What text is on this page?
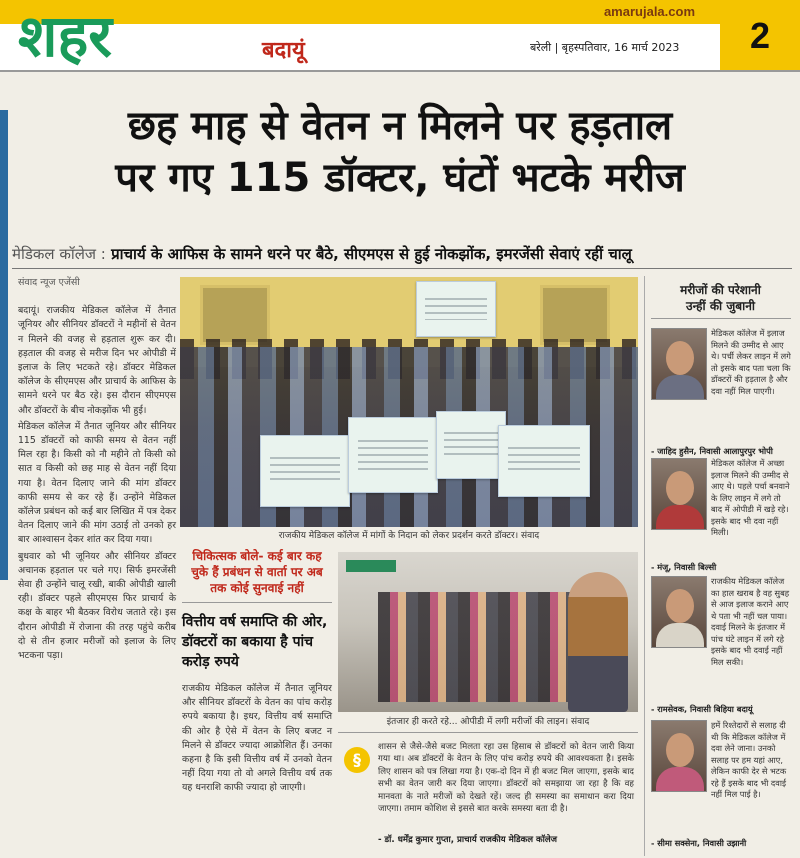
amarujala.com
शहर	बदायूं	बरेली | बृहस्पतिवार, 16 मार्च 2023	2
छह माह से वेतन न मिलने पर हड़ताल
पर गए 115 डॉक्टर, घंटों भटके मरीज
मेडिकल कॉलेज : प्राचार्य के आफिस के सामने धरने पर बैठे, सीएमएस से हुई नोकझोंक, इमरजेंसी सेवाएं रहीं चालू
संवाद न्यूज एजेंसी

बदायूं। राजकीय मेडिकल कॉलेज में तैनात जूनियर और सीनियर डॉक्टरों ने महीनों से वेतन न मिलने की वजह से हड़ताल शुरू कर दी। हड़ताल की वजह से मरीज दिन भर ओपीडी में इलाज के लिए भटकते रहे। डॉक्टर मेडिकल कॉलेज के सीएमएस और प्राचार्य के आफिस के सामने धरने पर बैठ रहे। इस दौरान सीएमएस और डॉक्टरों के बीच नोकझोंक भी हुई।

मेडिकल कॉलेज में तैनात जूनियर और सीनियर 115 डॉक्टरों को काफी समय से वेतन नहीं मिल रहा है। किसी को नौ महीने तो किसी को सात व किसी को छह माह से वेतन नहीं दिया गया है। वेतन दिलाए जाने की मांग डॉक्टर काफी समय से कर रहे हैं। उन्होंने मेडिकल कॉलेज प्रबंधन को कई बार लिखित में पत्र देकर वेतन दिलाए जाने की मांग उठाई तो उनको हर बार आश्वासन देकर शांत कर दिया गया।

बुधवार को भी जूनियर और सीनियर डॉक्टर अचानक हड़ताल पर चले गए। सिर्फ इमरजेंसी सेवा ही उन्होंने चालू रखी, बाकी ओपीडी खाली रही। डॉक्टर पहले सीएमएस फिर प्राचार्य के कक्ष के बाहर भी बैठकर विरोध जताते रहे। इस दौरान ओपीडी में रोजाना की तरह पहुंचे करीब दो से तीन हजार मरीजों को इलाज के लिए भटकना पड़ा।

राजकीय मेडिकल कॉलेज में मांगों के निदान को लेकर प्रदर्शन करते डॉक्टर। संवाद
चिकित्सक बोले- कई बार कह चुके हैं प्रबंधन से वार्ता पर अब तक कोई सुनवाई नहीं
वित्तीय वर्ष समाप्ति की ओर, डॉक्टरों का बकाया है पांच करोड़ रुपये
राजकीय मेडिकल कॉलेज में तैनात जूनियर और सीनियर डॉक्टरों के वेतन का पांच करोड़ रुपये बकाया है। इधर, वित्तीय वर्ष समाप्ति की ओर है ऐसे में वेतन के लिए बजट न मिलने से डॉक्टर ज्यादा आक्रोशित हैं। उनका कहना है कि इसी वित्तीय वर्ष में उनको वेतन नहीं दिया गया तो वो अगले वित्तीय वर्ष तक यह धनराशि काफी ज्यादा हो जाएगी।
इंतजार ही करते रहे... ओपीडी में लगी मरीजों की लाइन। संवाद
§
शासन से जैसे-जैसे बजट मिलता रहा उस हिसाब से डॉक्टरों को वेतन जारी किया गया था। अब डॉक्टरों के वेतन के लिए पांच करोड़ रुपये की आवश्यकता है। इसके लिए शासन को पत्र लिखा गया है। एक-दो दिन में ही बजट मिल जाएगा, इसके बाद सभी का वेतन जारी कर दिया जाएगा। डॉक्टरों को समझाया जा रहा है कि वह मानवता के नाते मरीजों को देखते रहें। जल्द ही समस्या का समाधान करा दिया जाएगा। तमाम कोशिश से इससे बात करके समस्या बता दी है।
- डॉ. धर्मेंद्र कुमार गुप्ता, प्राचार्य राजकीय मेडिकल कॉलेज
मरीजों की परेशानी
उन्हीं की जुबानी
मेडिकल कॉलेज में इलाज मिलने की उम्मीद से आए थे। पर्ची लेकर लाइन में लगे तो इसके बाद पता चला कि डॉक्टरों की हड़ताल है और दवा नहीं मिल पाएगी।
- जाहिद हुसैन, निवासी आलापुरपुर भोपी
मेडिकल कॉलेज में अच्छा इलाज मिलने की उम्मीद से आए थे। पहले पर्चा बनवाने के लिए लाइन में लगे तो बाद में ओपीडी में खड़े रहे। इसके बाद भी दवा नहीं मिली।
- मंजू, निवासी बिल्सी
राजकीय मेडिकल कॉलेज का हाल खराब है वह सुबह से आज इलाज कराने आए थे पता भी नहीं चल पाया। दवाई मिलने के इंतजार में पांच घंटे लाइन में लगे रहे इसके बाद भी दवाई नहीं मिल सकी।
- रामसेवक, निवासी बिहिया बदायूं
हमें रिश्तेदारों से सलाह दी थी कि मेडिकल कॉलेज में दवा लेने जाना। उनको सलाह पर हम यहां आए, लेकिन काफी देर से भटक रहे हैं इसके बाद भी दवाई नहीं मिल पाई है।
- सीमा सक्सेना, निवासी उझानी
